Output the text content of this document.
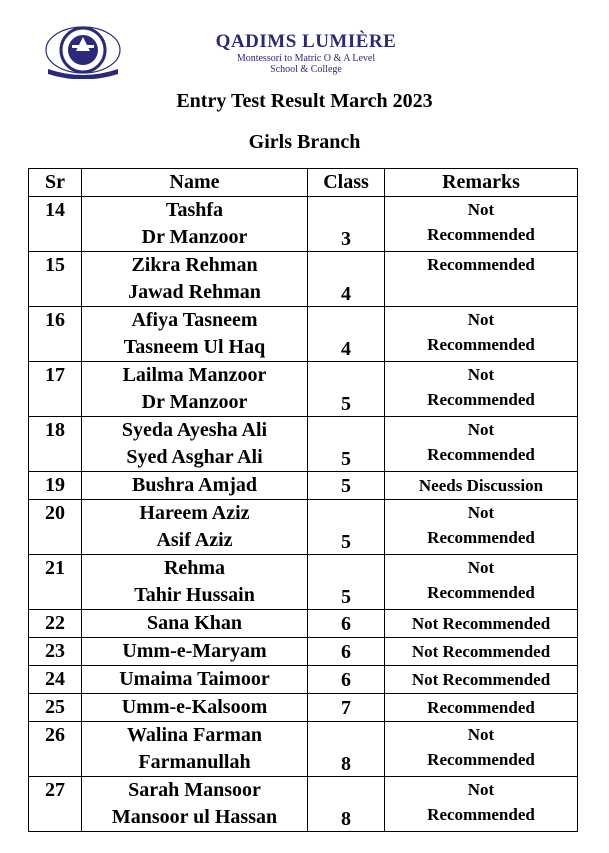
QADIMS LUMIÈRE
Montessori to Matric O & A Level
School & College
Entry Test Result March 2023
Girls Branch
Sr	Name	Class	Remarks
14	Tashfa
Dr Manzoor	3	Not
Recommended

15	Zikra Rehman
Jawad Rehman	4	Recommended

16	Afiya Tasneem
Tasneem Ul Haq	4	Not
Recommended

17	Lailma Manzoor
Dr Manzoor	5	Not
Recommended

18	Syeda Ayesha Ali
Syed Asghar Ali	5	Not
Recommended

19	Bushra Amjad	5	Needs Discussion

20	Hareem Aziz
Asif Aziz	5	Not
Recommended

21	Rehma
Tahir Hussain	5	Not
Recommended

22	Sana Khan	6	Not Recommended

23	Umm-e-Maryam	6	Not Recommended

24	Umaima Taimoor	6	Not Recommended

25	Umm-e-Kalsoom	7	Recommended

26	Walina Farman
Farmanullah	8	Not
Recommended

27	Sarah Mansoor
Mansoor ul Hassan	8	Not
Recommended
